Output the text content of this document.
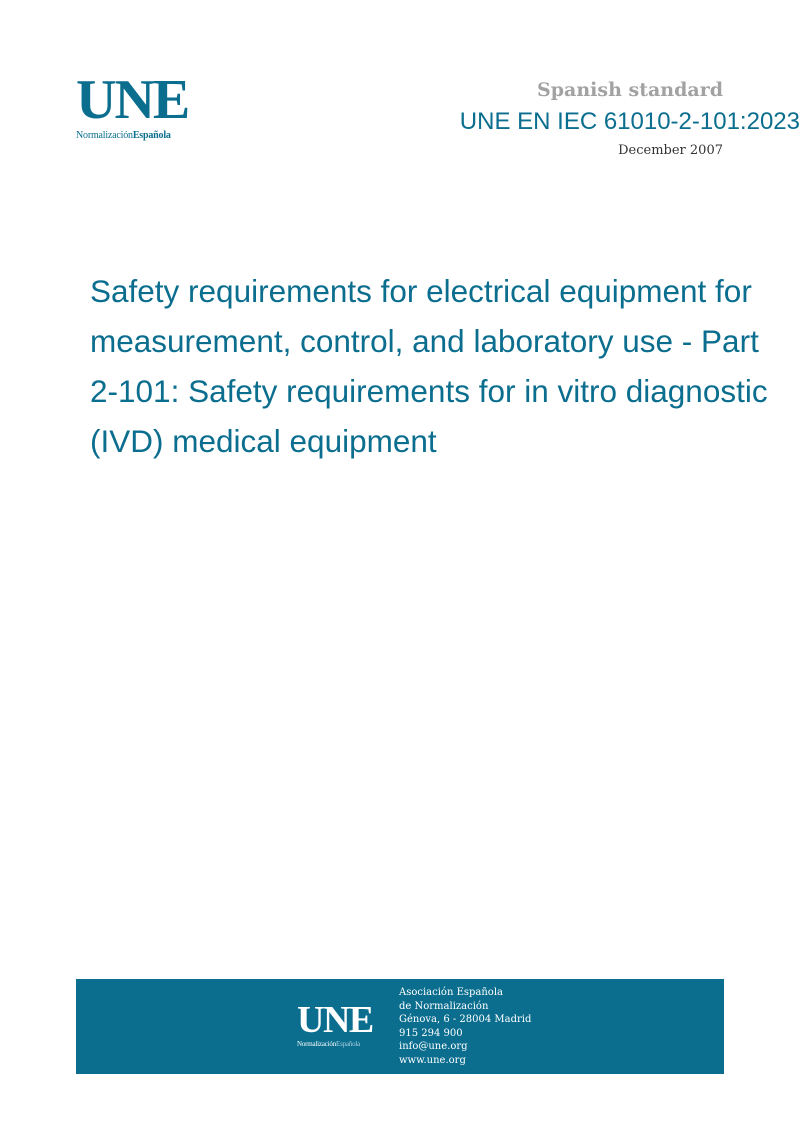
UNE
NormalizaciónEspañola
Spanish standard
UNE EN IEC 61010-2-101:2023
December 2007
Safety requirements for electrical equipment for measurement, control, and laboratory use - Part 2-101: Safety requirements for in vitro diagnostic (IVD) medical equipment
UNE
NormalizaciónEspañola
Asociación Española
de Normalización
Génova, 6 - 28004 Madrid
915 294 900
info@une.org
www.une.org
